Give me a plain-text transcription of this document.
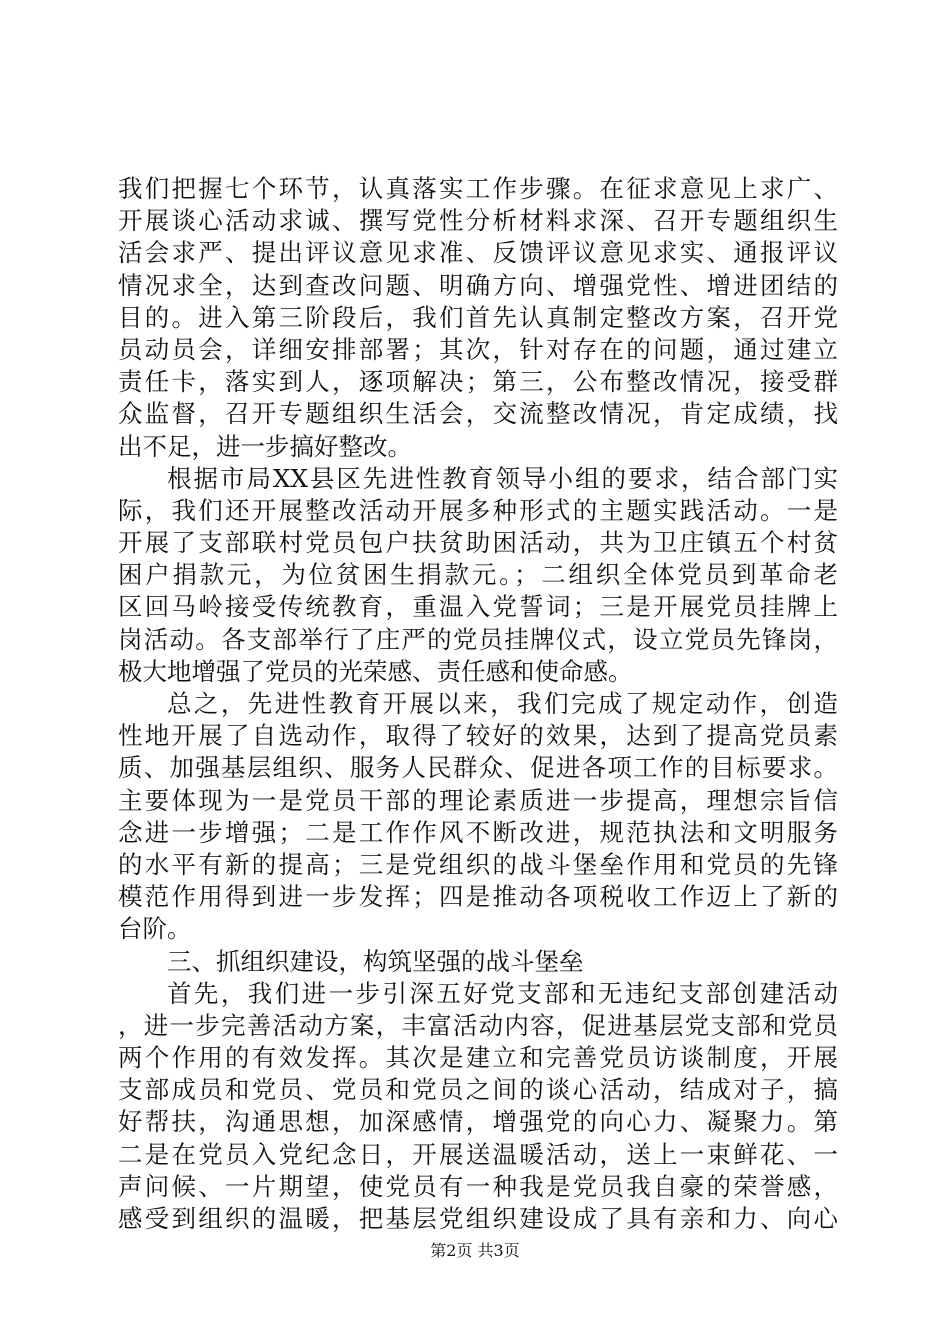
我们把握七个环节，认真落实工作步骤。在征求意见上求广、
开展谈心活动求诚、撰写党性分析材料求深、召开专题组织生
活会求严、提出评议意见求准、反馈评议意见求实、通报评议
情况求全，达到查改问题、明确方向、增强党性、增进团结的
目的。进入第三阶段后，我们首先认真制定整改方案，召开党
员动员会，详细安排部署；其次，针对存在的问题，通过建立
责任卡，落实到人，逐项解决；第三，公布整改情况，接受群
众监督，召开专题组织生活会，交流整改情况，肯定成绩，找
出不足，进一步搞好整改。
根据市局XX县区先进性教育领导小组的要求，结合部门实
际，我们还开展整改活动开展多种形式的主题实践活动。一是
开展了支部联村党员包户扶贫助困活动，共为卫庄镇五个村贫
困户捐款元，为位贫困生捐款元。；二组织全体党员到革命老
区回马岭接受传统教育，重温入党誓词；三是开展党员挂牌上
岗活动。各支部举行了庄严的党员挂牌仪式，设立党员先锋岗，
极大地增强了党员的光荣感、责任感和使命感。
总之，先进性教育开展以来，我们完成了规定动作，创造
性地开展了自选动作，取得了较好的效果，达到了提高党员素
质、加强基层组织、服务人民群众、促进各项工作的目标要求。
主要体现为一是党员干部的理论素质进一步提高，理想宗旨信
念进一步增强；二是工作作风不断改进，规范执法和文明服务
的水平有新的提高；三是党组织的战斗堡垒作用和党员的先锋
模范作用得到进一步发挥；四是推动各项税收工作迈上了新的
台阶。
三、抓组织建设，构筑坚强的战斗堡垒
首先，我们进一步引深五好党支部和无违纪支部创建活动
，进一步完善活动方案，丰富活动内容，促进基层党支部和党员
两个作用的有效发挥。其次是建立和完善党员访谈制度，开展
支部成员和党员、党员和党员之间的谈心活动，结成对子，搞
好帮扶，沟通思想，加深感情，增强党的向心力、凝聚力。第
二是在党员入党纪念日，开展送温暖活动，送上一束鲜花、一
声问候、一片期望，使党员有一种我是党员我自豪的荣誉感，
感受到组织的温暖，把基层党组织建设成了具有亲和力、向心
第2页 共3页
